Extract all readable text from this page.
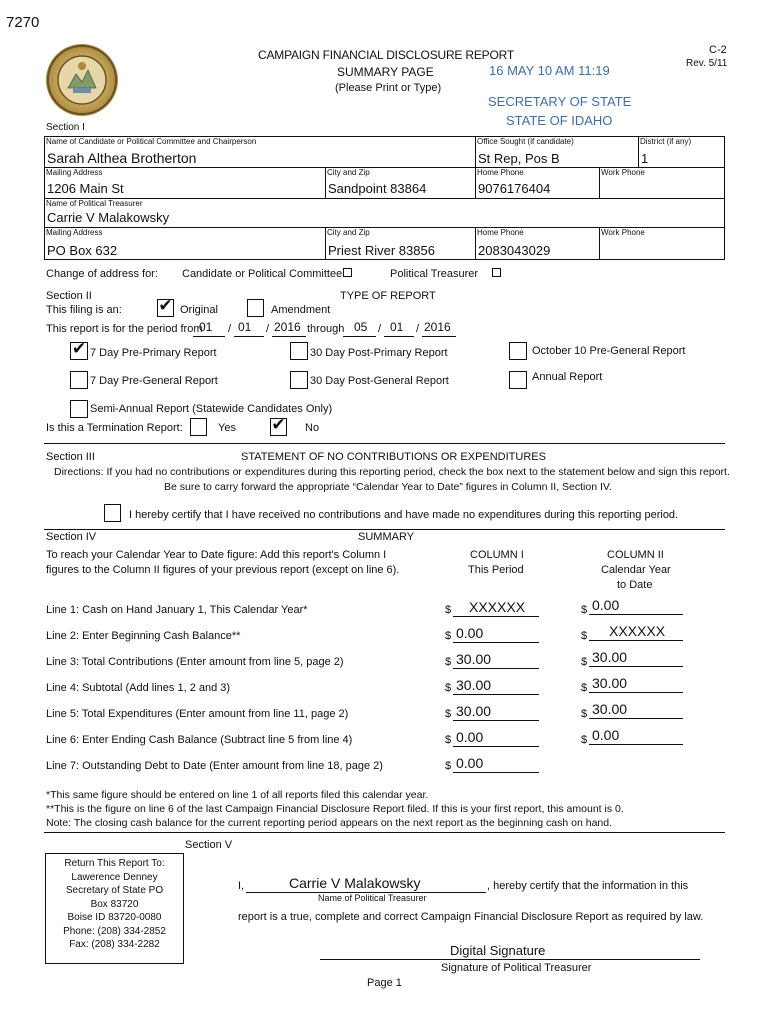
7270
C-2
Rev. 5/11
CAMPAIGN FINANCIAL DISCLOSURE REPORT
SUMMARY PAGE
(Please Print or Type)
16 MAY 10 AM 11:19
SECRETARY OF STATE
STATE OF IDAHO
Section I
Name of Candidate or Political Committee and Chairperson
Sarah Althea Brotherton
Office Sought (if candidate)
St Rep, Pos B
District (if any)
1
Mailing Address
1206 Main St
City and Zip
Sandpoint 83864
Home Phone
9076176404
Work Phone
Name of Political Treasurer
Carrie V Malakowsky
Mailing Address
PO Box 632
City and Zip
Priest River 83856
Home Phone
2083043029
Work Phone
Change of address for: Candidate or Political Committee	Political Treasurer
Section II	TYPE OF REPORT
This filing is an: ✔ Original	Amendment
This report is for the period from
01 / 01 / 2016 through 05 / 01 / 2016
✔ 7 Day Pre-Primary Report	30 Day Post-Primary Report	October 10 Pre-General Report
7 Day Pre-General Report	30 Day Post-General Report	Annual Report
Semi-Annual Report (Statewide Candidates Only)
Is this a Termination Report:	Yes ✔ No
Section III	STATEMENT OF NO CONTRIBUTIONS OR EXPENDITURES
Directions: If you had no contributions or expenditures during this reporting period, check the box next to the statement below and sign this report.
Be sure to carry forward the appropriate “Calendar Year to Date” figures in Column II, Section IV.
I hereby certify that I have received no contributions and have made no expenditures during this reporting period.
Section IV	SUMMARY
To reach your Calendar Year to Date figure: Add this report's Column I
figures to the Column II figures of your previous report (except on line 6).
COLUMN I
This Period
COLUMN II
Calendar Year
to Date
Line 1: Cash on Hand January 1, This Calendar Year*	$ XXXXXX	$ 0.00
Line 2: Enter Beginning Cash Balance**	$ 0.00	$ XXXXXX
Line 3: Total Contributions (Enter amount from line 5, page 2)	$ 30.00	$ 30.00
Line 4: Subtotal (Add lines 1, 2 and 3)	$ 30.00	$ 30.00
Line 5: Total Expenditures (Enter amount from line 11, page 2)	$ 30.00	$ 30.00
Line 6: Enter Ending Cash Balance (Subtract line 5 from line 4)	$ 0.00	$ 0.00
Line 7: Outstanding Debt to Date (Enter amount from line 18, page 2)	$ 0.00
*This same figure should be entered on line 1 of all reports filed this calendar year.
**This is the figure on line 6 of the last Campaign Financial Disclosure Report filed. If this is your first report, this amount is 0.
Note: The closing cash balance for the current reporting period appears on the next report as the beginning cash on hand.
Section V
Return This Report To:
Lawerence Denney
Secretary of State PO
Box 83720
Boise ID 83720-0080
Phone: (208) 334-2852
Fax: (208) 334-2282
I,	Carrie V Malakowsky	, hereby certify that the information in this
Name of Political Treasurer
report is a true, complete and correct Campaign Financial Disclosure Report as required by law.
Digital Signature
Signature of Political Treasurer
Page 1
